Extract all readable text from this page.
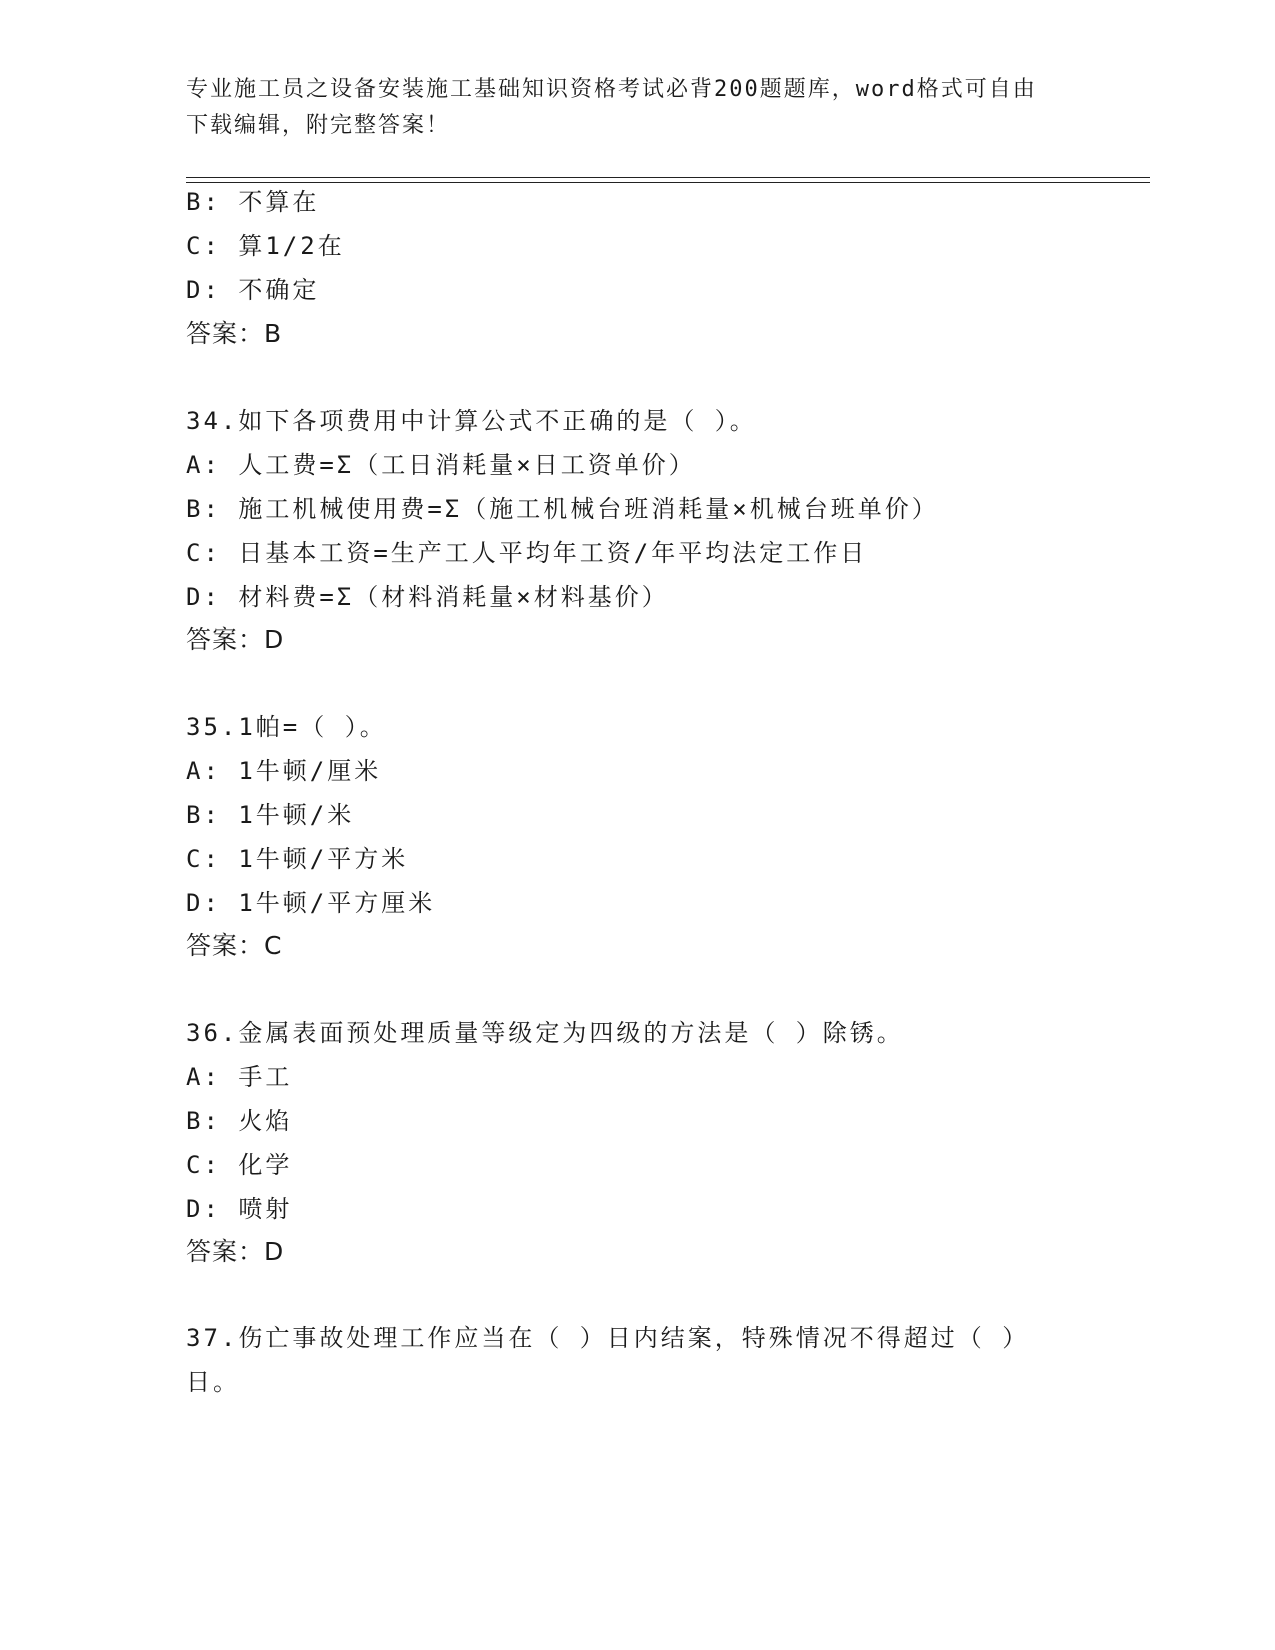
专业施工员之设备安装施工基础知识资格考试必背200题题库，word格式可自由
下载编辑，附完整答案！
B: 不算在
C: 算1/2在
D: 不确定
答案：B
34.如下各项费用中计算公式不正确的是（ ）。
A: 人工费=Σ（工日消耗量×日工资单价）
B: 施工机械使用费=Σ（施工机械台班消耗量×机械台班单价）
C: 日基本工资=生产工人平均年工资/年平均法定工作日
D: 材料费=Σ（材料消耗量×材料基价）
答案：D
35.1帕=（ ）。
A: 1牛顿/厘米
B: 1牛顿/米
C: 1牛顿/平方米
D: 1牛顿/平方厘米
答案：C
36.金属表面预处理质量等级定为四级的方法是（ ）除锈。
A: 手工
B: 火焰
C: 化学
D: 喷射
答案：D
37.伤亡事故处理工作应当在（ ）日内结案，特殊情况不得超过（ ）
日。
